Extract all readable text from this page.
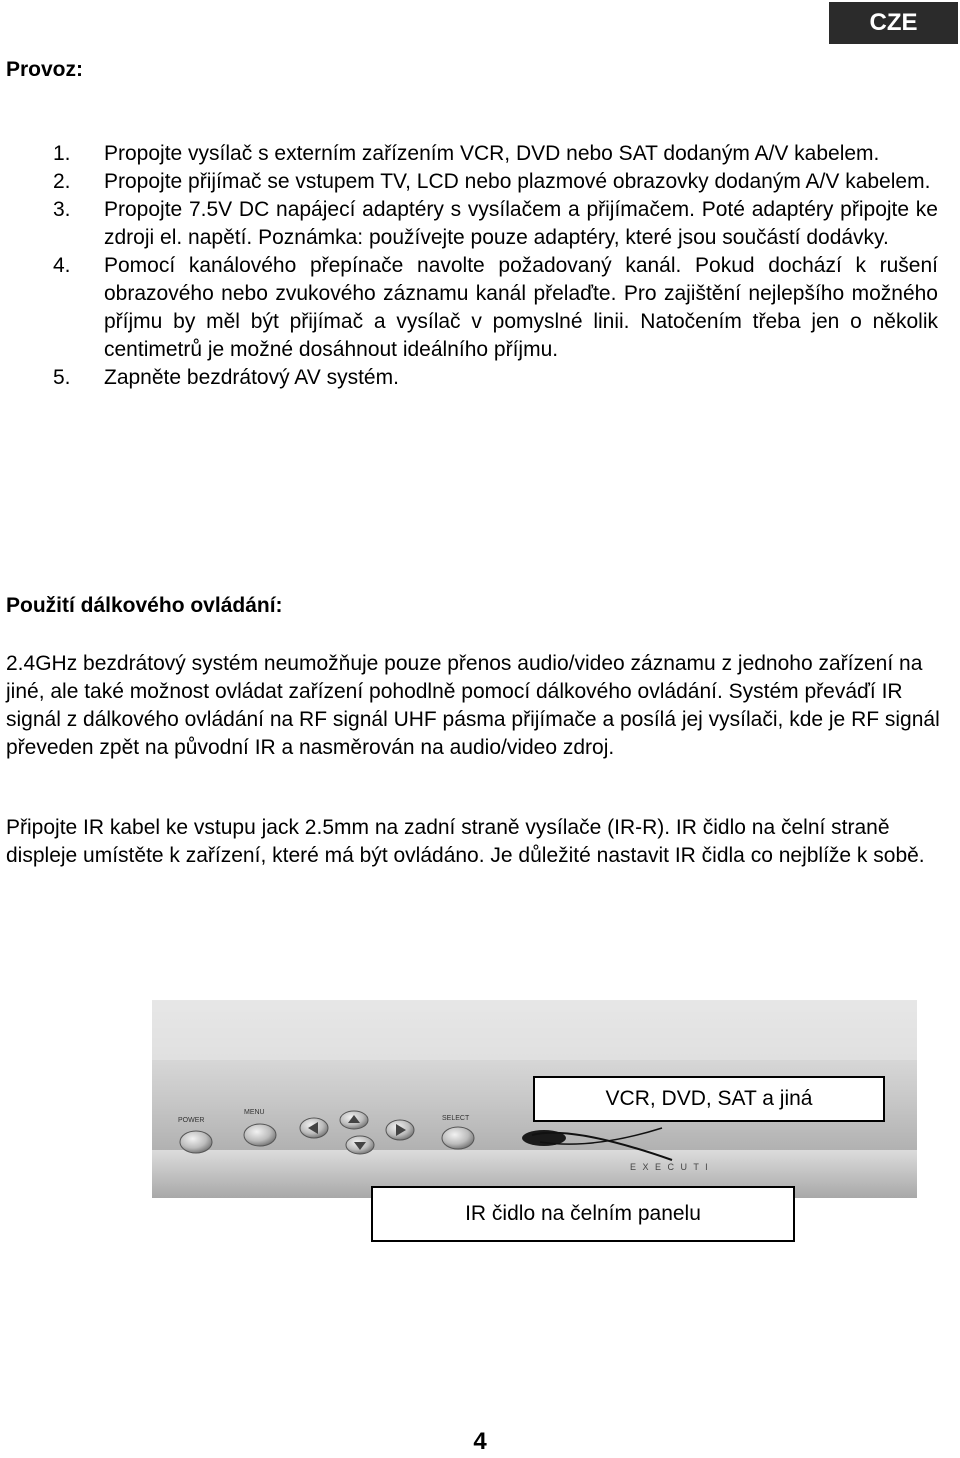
CZE
Provoz:
1. Propojte vysílač s externím zařízením VCR, DVD nebo SAT dodaným A/V kabelem.
2. Propojte přijímač se vstupem TV, LCD nebo plazmové obrazovky dodaným A/V kabelem.
3. Propojte 7.5V DC napájecí adaptéry s vysílačem a přijímačem. Poté adaptéry připojte ke zdroji el. napětí. Poznámka: používejte pouze adaptéry, které jsou součástí dodávky.
4. Pomocí kanálového přepínače navolte požadovaný kanál. Pokud dochází k rušení obrazového nebo zvukového záznamu kanál přelaďte. Pro zajištění nejlepšího možného příjmu by měl být přijímač a vysílač v pomyslné linii. Natočením třeba jen o několik centimetrů je možné dosáhnout ideálního příjmu.
5. Zapněte bezdrátový AV systém.
Použití dálkového ovládání:

2.4GHz bezdrátový systém neumožňuje pouze přenos audio/video záznamu z jednoho zařízení na jiné, ale také možnost ovládat zařízení pohodlně pomocí dálkového ovládání. Systém převáďí IR signál z dálkového ovládání na RF signál UHF pásma přijímače a posílá jej vysílači, kde je RF signál převeden zpět na původní IR a nasměrován na audio/video zdroj.

Připojte IR kabel ke vstupu jack 2.5mm na zadní straně vysílače (IR-R). IR čidlo na čelní straně displeje umístěte k zařízení, které má být ovládáno. Je důležité nastavit IR čidla co nejblíže k sobě.

POWER
MENU
SELECT
E X E C U T I
VCR, DVD, SAT a jiná
IR čidlo na čelním panelu
4
